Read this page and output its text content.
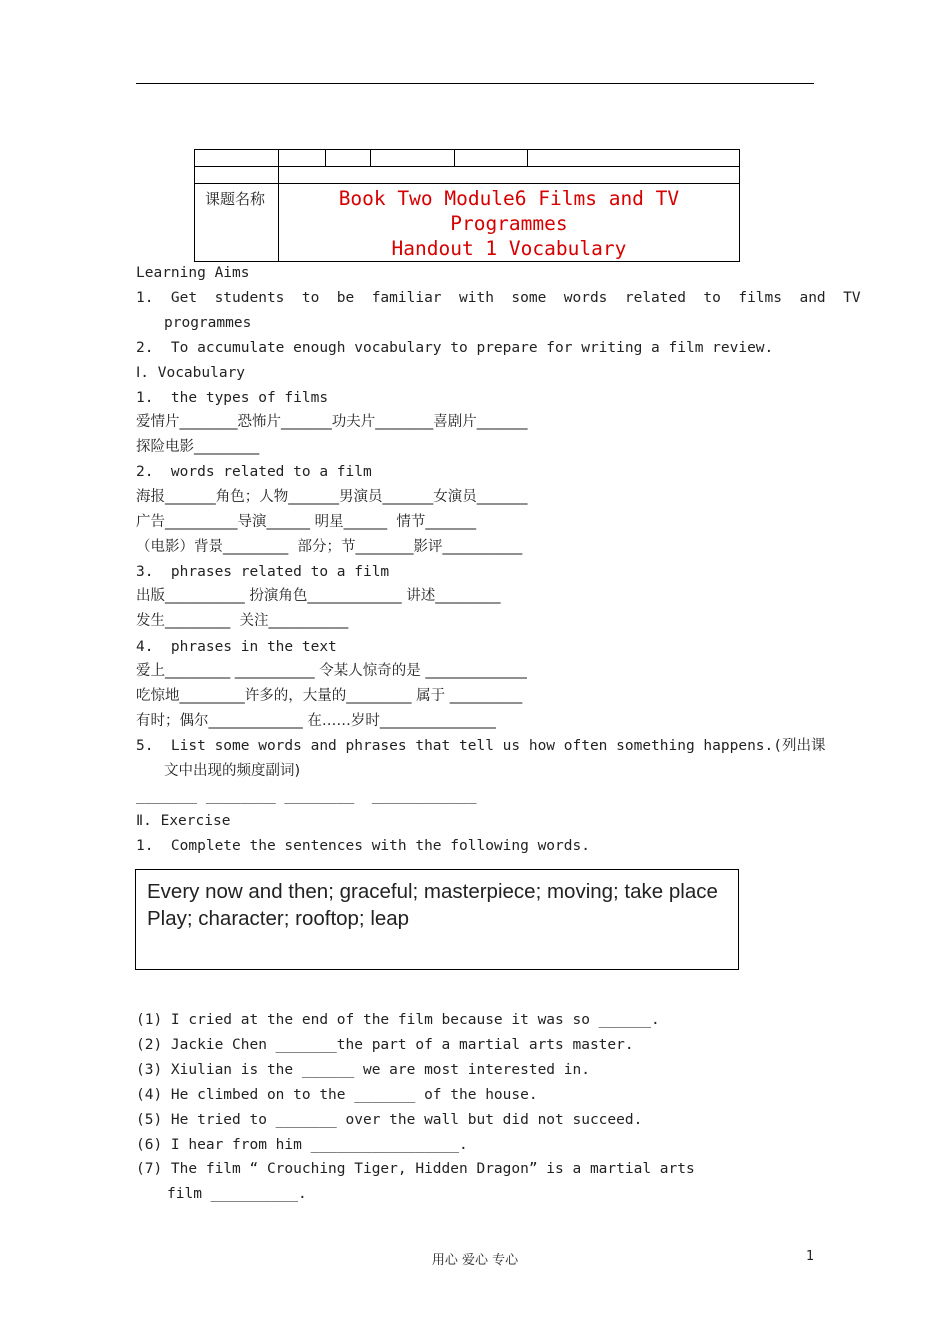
课题名称	Book Two Module6 Films and TV
Programmes
Handout 1 Vocabulary				
Learning Aims
1.  Get  students  to  be  familiar  with  some  words  related  to  films  and  TV
programmes
2.  To accumulate enough vocabulary to prepare for writing a film review.
Ⅰ. Vocabulary
1.  the types of films
爱情片________恐怖片_______功夫片________喜剧片_______
探险电影_________
2.  words related to a film
海报_______角色；人物_______男演员_______女演员_______
广告__________导演______ 明星______  情节_______
（电影）背景_________  部分；节________影评___________
3.  phrases related to a film
出版___________ 扮演角色_____________ 讲述_________
发生_________  关注___________
4.  phrases in the text
爱上_________ ___________ 令某人惊奇的是 ______________
吃惊地_________许多的，大量的_________ 属于 __________
有时；偶尔_____________ 在……岁时________________
5.  List some words and phrases that tell us how often something happens.(列出课
文中出现的频度副词)
_______ ________ ________  ____________
Ⅱ. Exercise
1.  Complete the sentences with the following words.
Every now and then; graceful; masterpiece; moving; take place
Play; character; rooftop; leap
(1) I cried at the end of the film because it was so ______.
(2) Jackie Chen _______the part of a martial arts master.
(3) Xiulian is the ______ we are most interested in.
(4) He climbed on to the _______ of the house.
(5) He tried to _______ over the wall but did not succeed.
(6) I hear from him _________________.
(7) The film “ Crouching Tiger, Hidden Dragon” is a martial arts
film __________.
用心 爱心 专心	1
